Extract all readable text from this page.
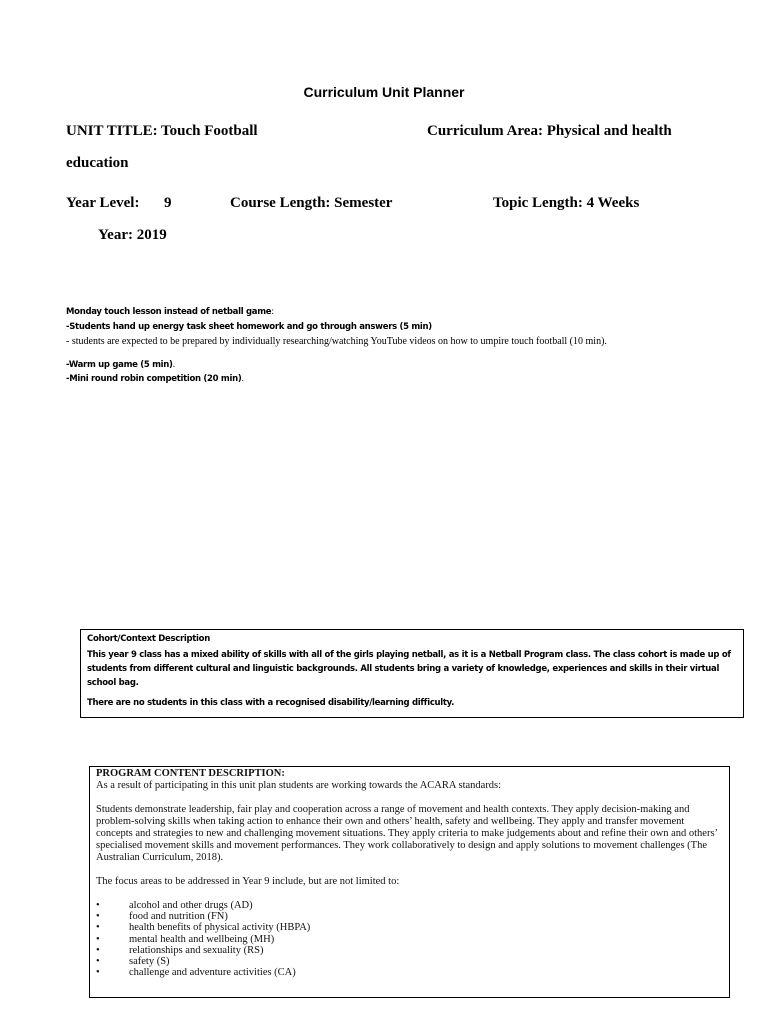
Curriculum Unit Planner
UNIT TITLE: Touch Football	Curriculum Area: Physical and health
education
Year Level: 9	Course Length: Semester	Topic Length: 4 Weeks
Year: 2019
Monday touch lesson instead of netball game:
-Students hand up energy task sheet homework and go through answers (5 min)
- students are expected to be prepared by individually researching/watching YouTube videos on how to umpire touch football (10 min).
-Warm up game (5 min).
-Mini round robin competition (20 min).
Cohort/Context Description

This year 9 class has a mixed ability of skills with all of the girls playing netball, as it is a Netball Program class. The class cohort is made up of students from different cultural and linguistic backgrounds. All students bring a variety of knowledge, experiences and skills in their virtual school bag.

There are no students in this class with a recognised disability/learning difficulty.

PROGRAM CONTENT DESCRIPTION:
As a result of participating in this unit plan students are working towards the ACARA standards:
Students demonstrate leadership, fair play and cooperation across a range of movement and health contexts. They apply decision-making and problem-solving skills when taking action to enhance their own and others’ health, safety and wellbeing. They apply and transfer movement concepts and strategies to new and challenging movement situations. They apply criteria to make judgements about and refine their own and others’ specialised movement skills and movement performances. They work collaboratively to design and apply solutions to movement challenges (The Australian Curriculum, 2018).
The focus areas to be addressed in Year 9 include, but are not limited to:
•	alcohol and other drugs (AD)
•	food and nutrition (FN)
•	health benefits of physical activity (HBPA)
•	mental health and wellbeing (MH)
•	relationships and sexuality (RS)
•	safety (S)
•	challenge and adventure activities (CA)
